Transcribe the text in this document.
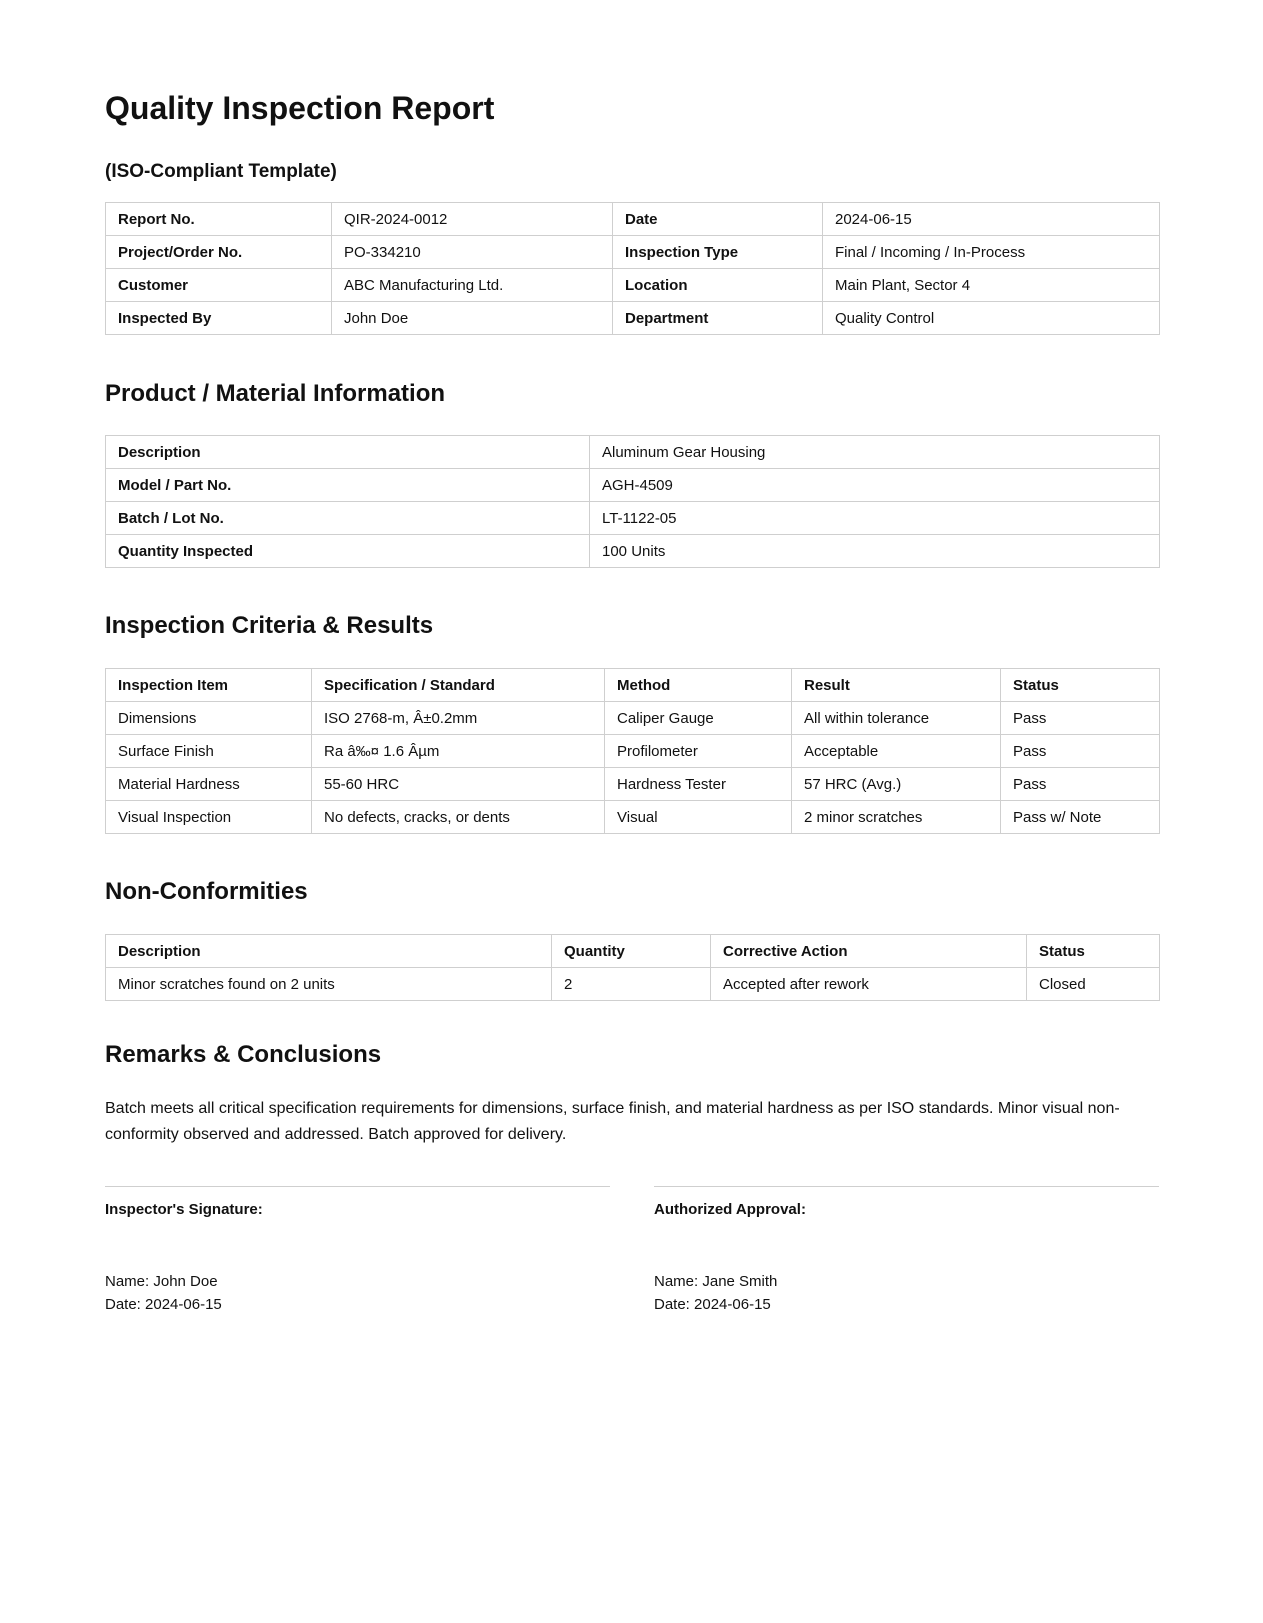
Quality Inspection Report
(ISO-Compliant Template)
Report No.	QIR-2024-0012	Date	2024-06-15
Project/Order No.	PO-334210	Inspection Type	Final / Incoming / In-Process
Customer	ABC Manufacturing Ltd.	Location	Main Plant, Sector 4
Inspected By	John Doe	Department	Quality Control
Product / Material Information
Description	Aluminum Gear Housing
Model / Part No.	AGH-4509
Batch / Lot No.	LT-1122-05
Quantity Inspected	100 Units
Inspection Criteria & Results
Inspection Item	Specification / Standard	Method	Result	Status
Dimensions	ISO 2768-m, Â±0.2mm	Caliper Gauge	All within tolerance	Pass
Surface Finish	Ra â‰¤ 1.6 Âµm	Profilometer	Acceptable	Pass
Material Hardness	55-60 HRC	Hardness Tester	57 HRC (Avg.)	Pass
Visual Inspection	No defects, cracks, or dents	Visual	2 minor scratches	Pass w/ Note
Non-Conformities
Description	Quantity	Corrective Action	Status
Minor scratches found on 2 units	2	Accepted after rework	Closed
Remarks & Conclusions

Batch meets all critical specification requirements for dimensions, surface finish, and material hardness as per ISO standards. Minor visual non-conformity observed and addressed. Batch approved for delivery.

Inspector's Signature:
Name: John Doe
Date: 2024-06-15
Authorized Approval:
Name: Jane Smith
Date: 2024-06-15
